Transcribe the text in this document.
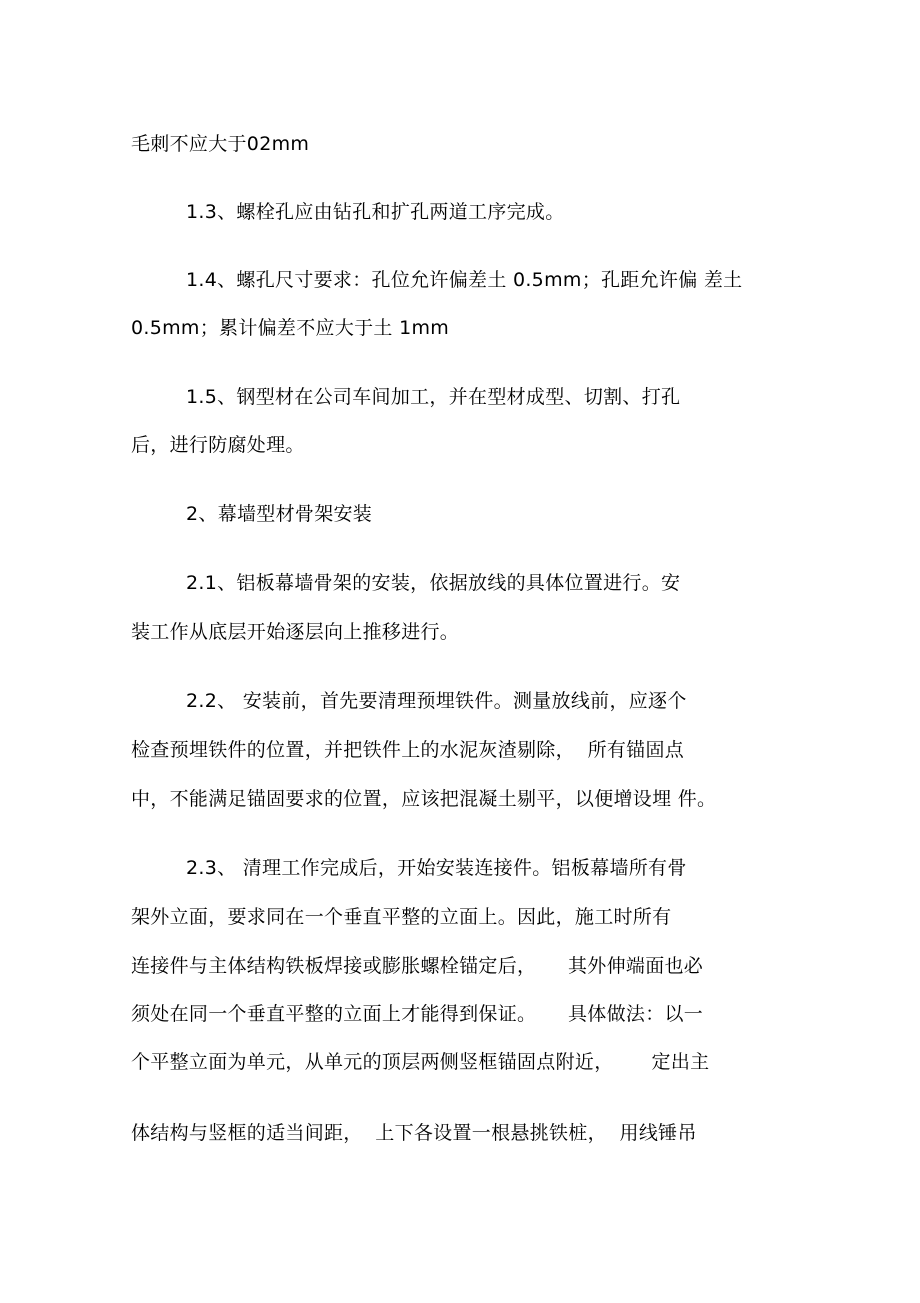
毛刺不应大于02mm
1.3、螺栓孔应由钻孔和扩孔两道工序完成。
1.4、螺孔尺寸要求：孔位允许偏差土 0.5mm；孔距允许偏 差土
0.5mm；累计偏差不应大于土 1mm
1.5、钢型材在公司车间加工，并在型材成型、切割、打孔
后，进行防腐处理。
2、幕墙型材骨架安装
2.1、铝板幕墙骨架的安装，依据放线的具体位置进行。安
装工作从底层开始逐层向上推移进行。
2.2、 安装前，首先要清理预埋铁件。测量放线前，应逐个
检查预埋铁件的位置，并把铁件上的水泥灰渣剔除，  所有锚固点
中，不能满足锚固要求的位置，应该把混凝土剔平，以便增设埋 件。
2.3、 清理工作完成后，开始安装连接件。铝板幕墙所有骨
架外立面，要求同在一个垂直平整的立面上。因此，施工时所有
连接件与主体结构铁板焊接或膨胀螺栓锚定后，     其外伸端面也必
须处在同一个垂直平整的立面上才能得到保证。     具体做法：以一
个平整立面为单元，从单元的顶层两侧竖框锚固点附近，      定出主
体结构与竖框的适当间距，  上下各设置一根悬挑铁桩，  用线锤吊
